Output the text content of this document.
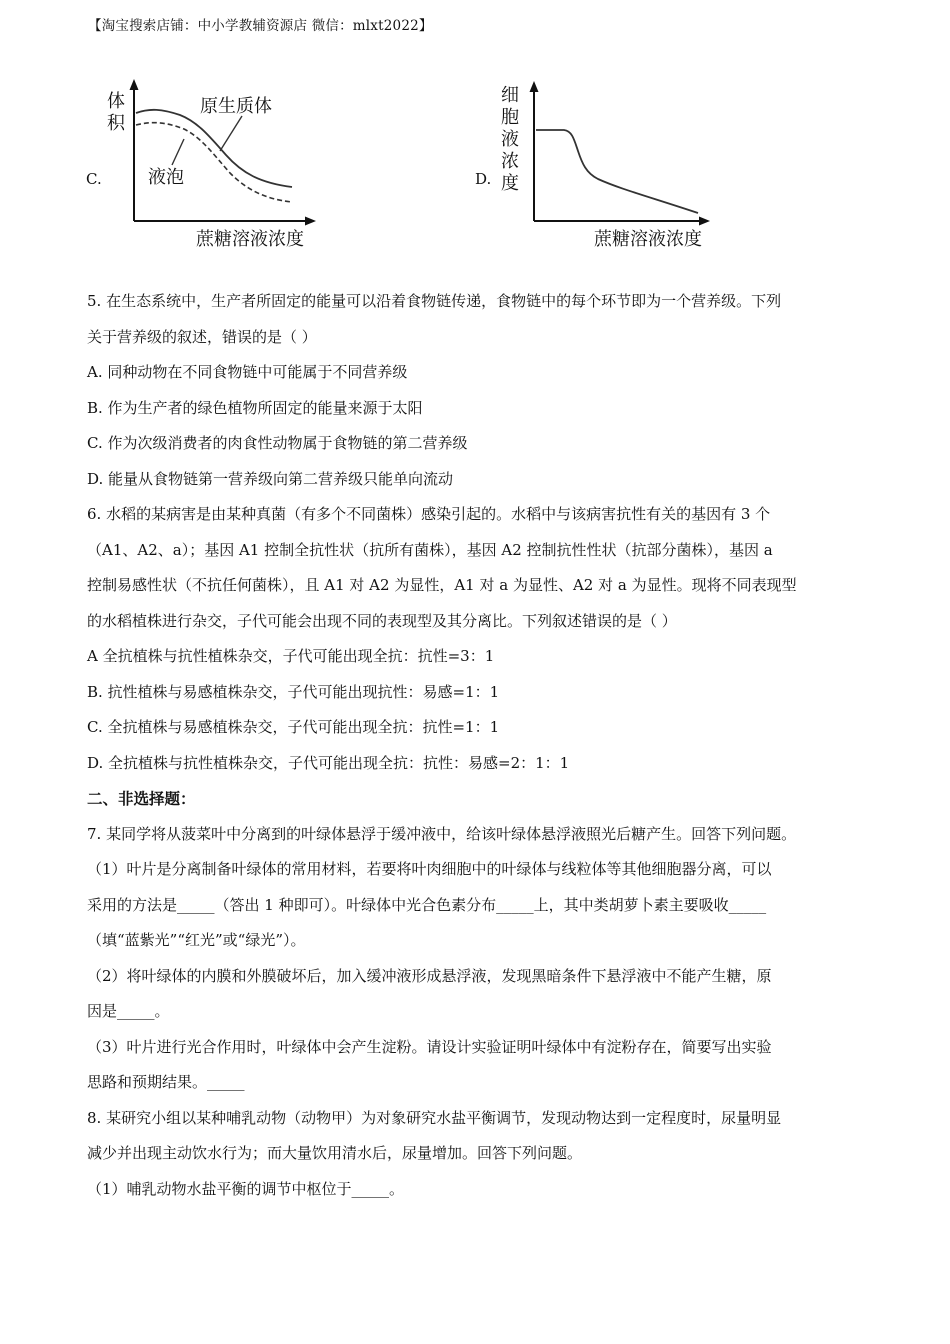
【淘宝搜索店铺：中小学教辅资源店 微信：mlxt2022】
C.
体
积
原生质体
液泡
蔗糖溶液浓度
D.
细
胞
液
浓
度
蔗糖溶液浓度
5. 在生态系统中，生产者所固定的能量可以沿着食物链传递，食物链中的每个环节即为一个营养级。下列
关于营养级的叙述，错误的是（ ）
A. 同种动物在不同食物链中可能属于不同营养级
B. 作为生产者的绿色植物所固定的能量来源于太阳
C. 作为次级消费者的肉食性动物属于食物链的第二营养级
D. 能量从食物链第一营养级向第二营养级只能单向流动
6. 水稻的某病害是由某种真菌（有多个不同菌株）感染引起的。水稻中与该病害抗性有关的基因有 3 个
（A1、A2、a）；基因 A1 控制全抗性状（抗所有菌株），基因 A2 控制抗性性状（抗部分菌株），基因 a
控制易感性状（不抗任何菌株），且 A1 对 A2 为显性，A1 对 a 为显性、A2 对 a 为显性。现将不同表现型
的水稻植株进行杂交，子代可能会出现不同的表现型及其分离比。下列叙述错误的是（ ）
A 全抗植株与抗性植株杂交，子代可能出现全抗：抗性=3：1
B. 抗性植株与易感植株杂交，子代可能出现抗性：易感=1：1
C. 全抗植株与易感植株杂交，子代可能出现全抗：抗性=1：1
D. 全抗植株与抗性植株杂交，子代可能出现全抗：抗性：易感=2：1：1
二、非选择题：
7. 某同学将从菠菜叶中分离到的叶绿体悬浮于缓冲液中，给该叶绿体悬浮液照光后糖产生。回答下列问题。
（1）叶片是分离制备叶绿体的常用材料，若要将叶肉细胞中的叶绿体与线粒体等其他细胞器分离，可以
采用的方法是_____（答出 1 种即可）。叶绿体中光合色素分布_____上，其中类胡萝卜素主要吸收_____
（填“蓝紫光”“红光”或“绿光”）。
（2）将叶绿体的内膜和外膜破坏后，加入缓冲液形成悬浮液，发现黑暗条件下悬浮液中不能产生糖，原
因是_____。
（3）叶片进行光合作用时，叶绿体中会产生淀粉。请设计实验证明叶绿体中有淀粉存在，简要写出实验
思路和预期结果。_____
8. 某研究小组以某种哺乳动物（动物甲）为对象研究水盐平衡调节，发现动物达到一定程度时，尿量明显
减少并出现主动饮水行为；而大量饮用清水后，尿量增加。回答下列问题。
（1）哺乳动物水盐平衡的调节中枢位于_____。
